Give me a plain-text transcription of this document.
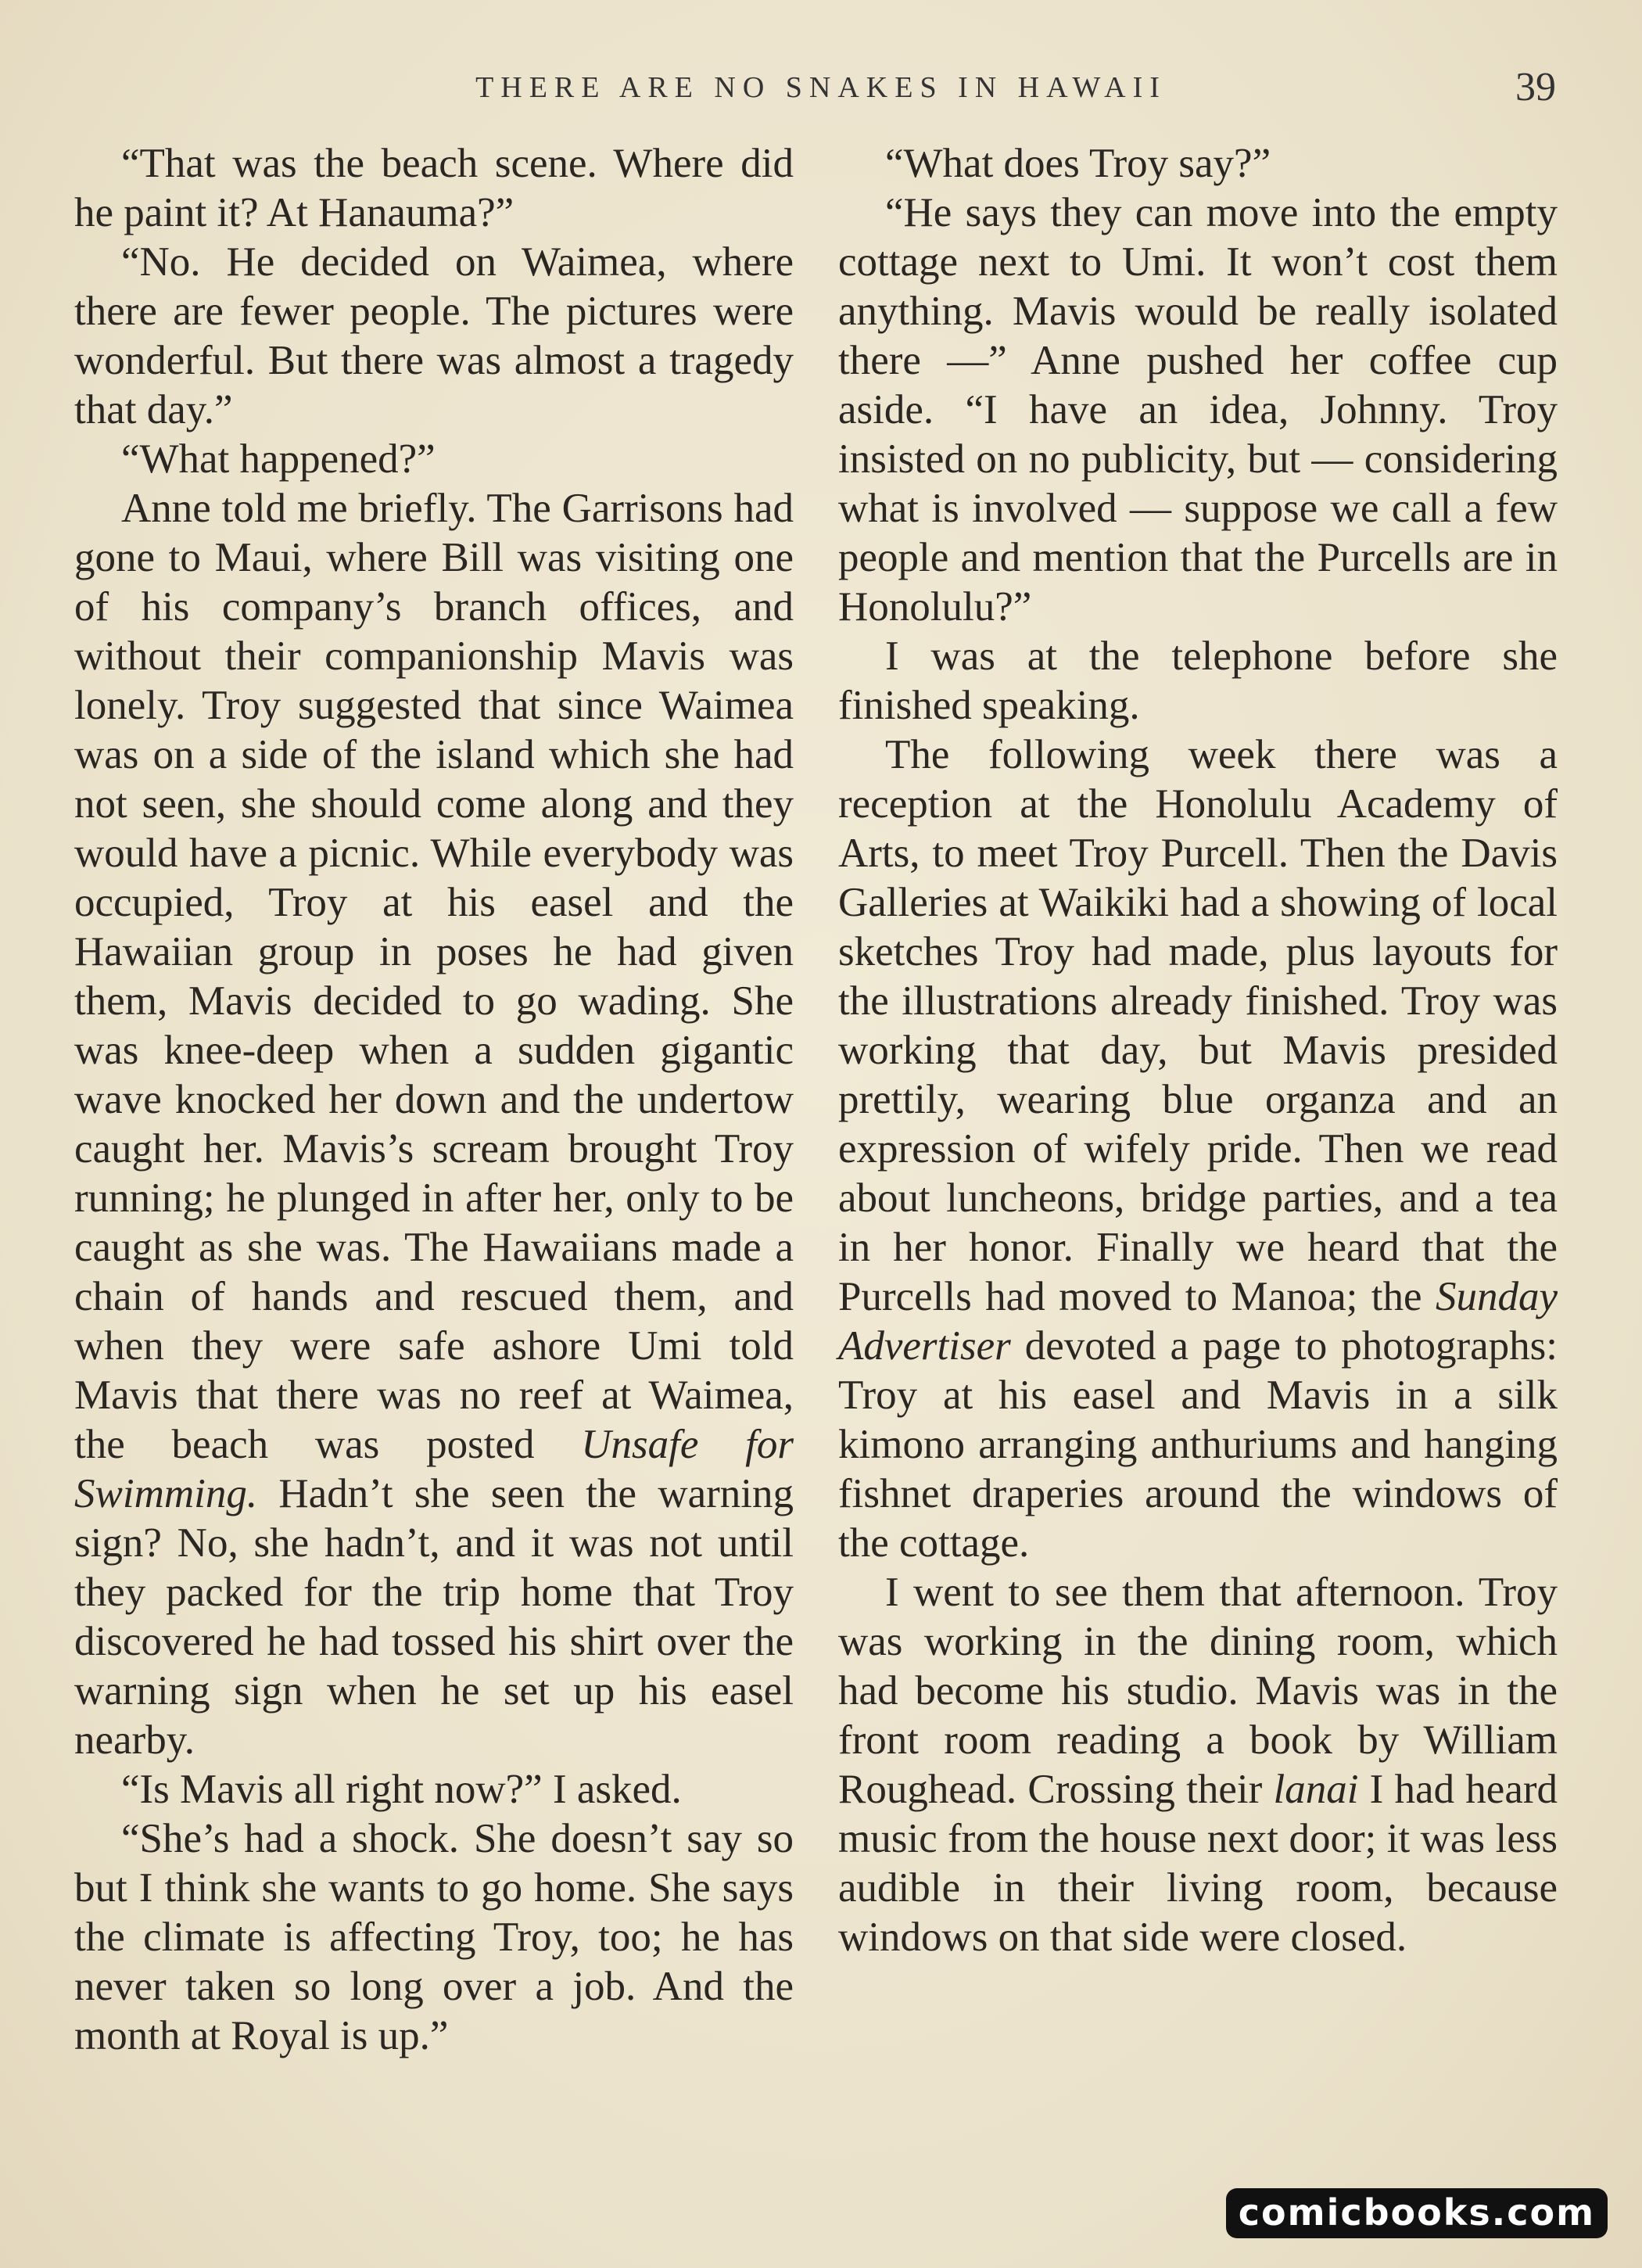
THERE ARE NO SNAKES IN HAWAII	39

“That was the beach scene. Where did he paint it? At Hanauma?”

“No. He decided on Waimea, where there are fewer people. The pictures were wonderful. But there was almost a tragedy that day.”

“What happened?”

Anne told me briefly. The Garrisons had gone to Maui, where Bill was visiting one of his company’s branch offices, and without their companionship Mavis was lonely. Troy suggested that since Waimea was on a side of the island which she had not seen, she should come along and they would have a picnic. While everybody was occupied, Troy at his easel and the Hawaiian group in poses he had given them, Mavis decided to go wading. She was knee-deep when a sudden gigantic wave knocked her down and the undertow caught her. Mavis’s scream brought Troy running; he plunged in after her, only to be caught as she was. The Hawaiians made a chain of hands and rescued them, and when they were safe ashore Umi told Mavis that there was no reef at Waimea, the beach was posted Unsafe for Swimming. Hadn’t she seen the warning sign? No, she hadn’t, and it was not until they packed for the trip home that Troy discovered he had tossed his shirt over the warning sign when he set up his easel nearby.

“Is Mavis all right now?” I asked.

“She’s had a shock. She doesn’t say so but I think she wants to go home. She says the climate is affecting Troy, too; he has never taken so long over a job. And the month at Royal is up.”

“What does Troy say?”

“He says they can move into the empty cottage next to Umi. It won’t cost them anything. Mavis would be really isolated there —” Anne pushed her coffee cup aside. “I have an idea, Johnny. Troy insisted on no publicity, but — considering what is involved — suppose we call a few people and mention that the Purcells are in Honolulu?”

I was at the telephone before she finished speaking.

The following week there was a reception at the Honolulu Academy of Arts, to meet Troy Purcell. Then the Davis Galleries at Waikiki had a showing of local sketches Troy had made, plus layouts for the illustrations already finished. Troy was working that day, but Mavis presided prettily, wearing blue organza and an expression of wifely pride. Then we read about luncheons, bridge parties, and a tea in her honor. Finally we heard that the Purcells had moved to Manoa; the Sunday Advertiser devoted a page to photographs: Troy at his easel and Mavis in a silk kimono arranging anthuriums and hanging fishnet draperies around the windows of the cottage.

I went to see them that afternoon. Troy was working in the dining room, which had become his studio. Mavis was in the front room reading a book by William Roughead. Crossing their lanai I had heard music from the house next door; it was less audible in their living room, because windows on that side were closed.

comicbooks.com
